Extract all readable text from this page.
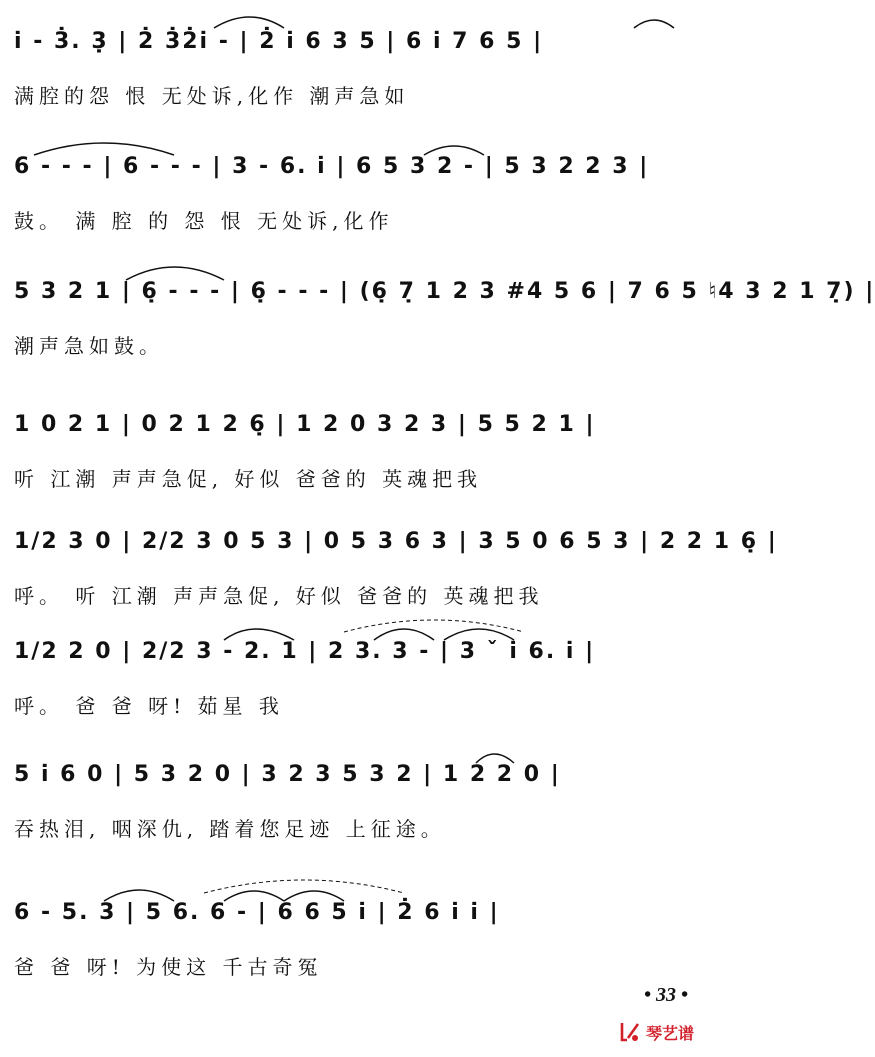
i̇ - 3̇. 3̣ | 2̇ 3̇2̇i̇ - | 2̇ i̇ 6 3 5 | 6 i̇ 7 6 5 |
满腔的怨 恨 无处诉,化作 潮声急如
6 - - - | 6 - - - | 3 - 6. i̇ | 6 5 3 2 - | 5 3 2 2 3 |
鼓。 满 腔 的 怨 恨 无处诉,化作
5 3 2 1 | 6̣ - - - | 6̣ - - - | (6̣ 7̣ 1 2 3 #4 5 6 | 7 6 5 ♮4 3 2 1 7̣) |
潮声急如鼓。
1 0 2 1 | 0 2 1 2 6̣ | 1 2 0 3 2 3 | 5 5 2 1 |
听 江潮 声声急促, 好似 爸爸的 英魂把我
1/2 3 0 | 2/2 3 0 5 3 | 0 5 3 6 3 | 3 5 0 6 5 3 | 2 2 1 6̣ |
呼。 听 江潮 声声急促, 好似 爸爸的 英魂把我
1/2 2 0 | 2/2 3 - 2. 1 | 2 3. 3 - | 3 ˇ i̇ 6. i̇ |
呼。 爸 爸 呀! 茹星 我
5 i̇ 6 0 | 5 3 2 0 | 3 2 3 5 3 2 | 1 2 2 0 |
吞热泪, 咽深仇, 踏着您足迹 上征途。
6 - 5. 3 | 5 6. 6 - | 6 6 5 i̇ | 2̇ 6 i̇ i̇ |
爸 爸 呀! 为使这 千古奇冤
• 33 •
琴艺谱
